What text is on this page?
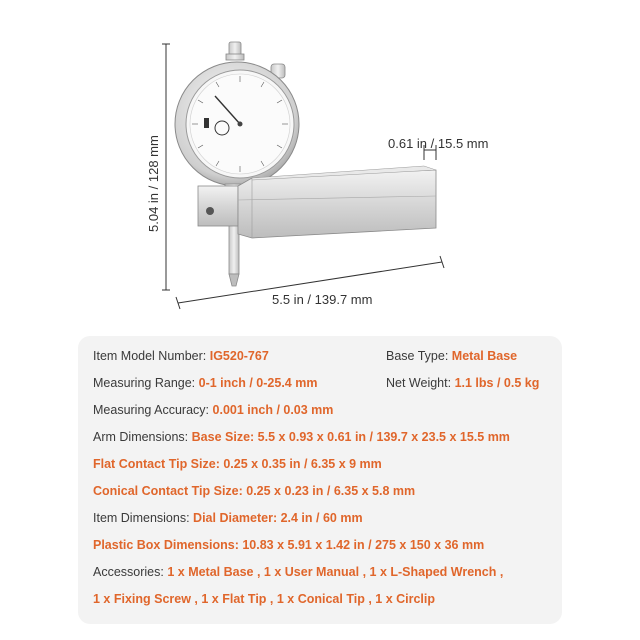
5.04 in / 128 mm	0.61 in / 15.5 mm
5.5 in / 139.7 mm
Item Model Number: IG520-767	Base Type: Metal Base
Measuring Range: 0-1 inch / 0-25.4 mm	Net Weight: 1.1 lbs / 0.5 kg
Measuring Accuracy: 0.001 inch / 0.03 mm
Arm Dimensions: Base Size: 5.5 x 0.93 x 0.61 in / 139.7 x 23.5 x 15.5 mm
Flat Contact Tip Size: 0.25 x 0.35 in / 6.35 x 9 mm
Conical Contact Tip Size: 0.25 x 0.23 in / 6.35 x 5.8 mm
Item Dimensions: Dial Diameter: 2.4 in / 60 mm
Plastic Box Dimensions: 10.83 x 5.91 x 1.42 in / 275 x 150 x 36 mm
Accessories: 1 x Metal Base , 1 x User Manual , 1 x L-Shaped Wrench ,
1 x Fixing Screw , 1 x Flat Tip , 1 x Conical Tip , 1 x Circlip
